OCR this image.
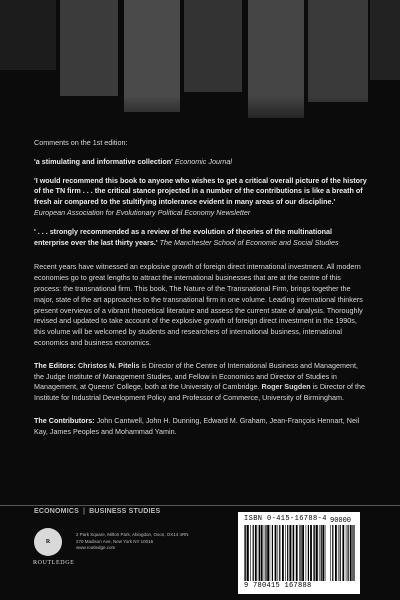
Comments on the 1st edition:

'a stimulating and informative collection' Economic Journal

'I would recommend this book to anyone who wishes to get a critical overall picture of the history of the TN firm . . . the critical stance projected in a number of the contributions is like a breath of fresh air compared to the stultifying intolerance evident in many areas of our discipline.' European Association for Evolutionary Political Economy Newsletter

' . . . strongly recommended as a review of the evolution of theories of the multinational enterprise over the last thirty years.' The Manchester School of Economic and Social Studies

Recent years have witnessed an explosive growth of foreign direct international investment. All modern economies go to great lengths to attract the international businesses that are at the centre of this process: the transnational firm. This book, The Nature of the Transnational Firm, brings together the major, state of the art approaches to the transnational firm in one volume. Leading international thinkers present overviews of a vibrant theoretical literature and assess the current state of analysis. Thoroughly revised and updated to take account of the explosive growth of foreign direct investment in the 1990s, this volume will be welcomed by students and researchers of international business, international economics and business economics.

The Editors: Christos N. Pitelis is Director of the Centre of International Business and Management, the Judge Institute of Management Studies, and Fellow in Economics and Director of Studies in Management, at Queens' College, both at the University of Cambridge. Roger Sugden is Director of the Institute for Industrial Development Policy and Professor of Commerce, University of Birmingham.

The Contributors: John Cantwell, John H. Dunning, Edward M. Graham, Jean-François Hennart, Neil Kay, James Peoples and Mohammad Yamin.

ECONOMICS | BUSINESS STUDIES
R
ROUTLEDGE
2 Park Square, Milton Park, Abingdon, Oxon, OX14 4RN
270 Madison Ave, New York NY 10016
www.routledge.com
ISBN 0-415-16788-4 90000
9 780415 167888
